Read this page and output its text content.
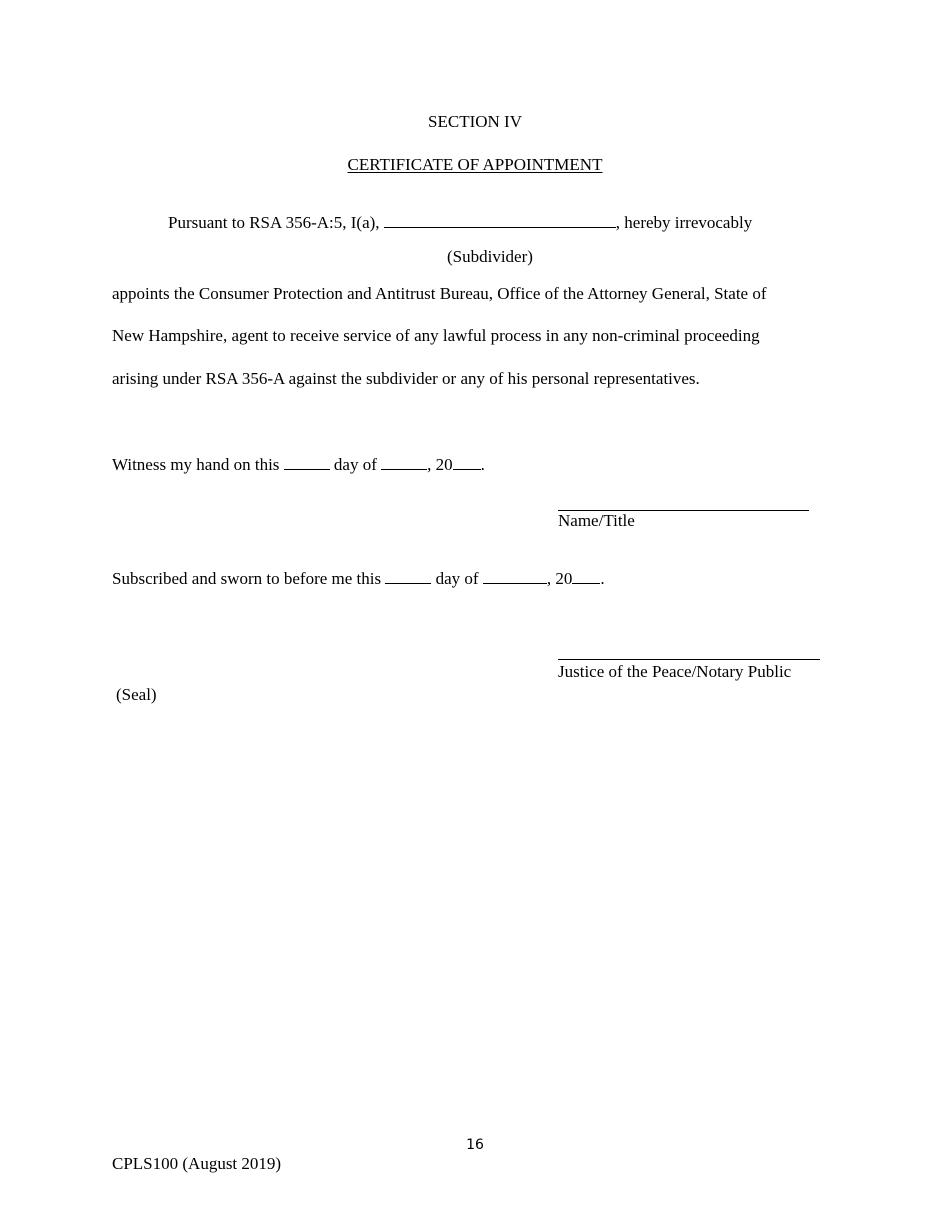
SECTION IV
CERTIFICATE OF APPOINTMENT
Pursuant to RSA 356-A:5, I(a),	, hereby irrevocably
(Subdivider)
appoints the Consumer Protection and Antitrust Bureau, Office of the Attorney General, State of
New Hampshire, agent to receive service of any lawful process in any non-criminal proceeding
arising under RSA 356-A against the subdivider or any of his personal representatives.
Witness my hand on this	day of	, 20 .
Name/Title
Subscribed and sworn to before me this	day of	, 20 .
Justice of the Peace/Notary Public
(Seal)
16
CPLS100 (August 2019)
